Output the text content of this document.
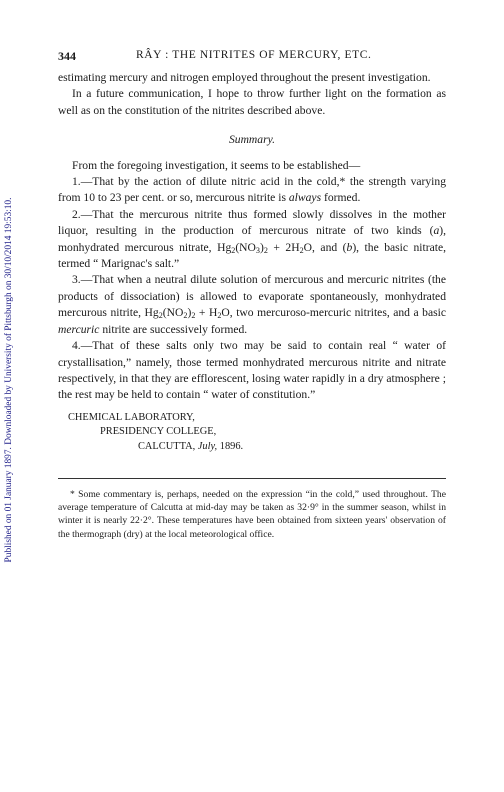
Published on 01 January 1897. Downloaded by University of Pittsburgh on 30/10/2014 19:53:10.
344	RÂY : THE NITRITES OF MERCURY, ETC.

estimating mercury and nitrogen employed throughout the present investigation.

In a future communication, I hope to throw further light on the formation as well as on the constitution of the nitrites described above.

Summary.

From the foregoing investigation, it seems to be established—

1.—That by the action of dilute nitric acid in the cold,* the strength varying from 10 to 23 per cent. or so, mercurous nitrite is always formed.

2.—That the mercurous nitrite thus formed slowly dissolves in the mother liquor, resulting in the production of mercurous nitrate of two kinds (a), monhydrated mercurous nitrate, $Hg_2(NO_3)_2 + 2H_2O$, and (b), the basic nitrate, termed “ Marignac's salt.”

3.—That when a neutral dilute solution of mercurous and mercuric nitrites (the products of dissociation) is allowed to evaporate spontaneously, monhydrated mercurous nitrite, $Hg_2(NO_2)_2 + H_2O$, two mercuroso-mercuric nitrites, and a basic mercuric nitrite are successively formed.

4.—That of these salts only two may be said to contain real “ water of crystallisation,” namely, those termed monhydrated mercurous nitrite and nitrate respectively, in that they are efflorescent, losing water rapidly in a dry atmosphere ; the rest may be held to contain “ water of constitution.”

CHEMICAL LABORATORY,
PRESIDENCY COLLEGE,
CALCUTTA, July, 1896.

* Some commentary is, perhaps, needed on the expression “in the cold,” used throughout. The average temperature of Calcutta at mid-day may be taken as 32·9° in the summer season, whilst in winter it is nearly 22·2°. These temperatures have been obtained from sixteen years' observation of the thermograph (dry) at the local meteorological office.
